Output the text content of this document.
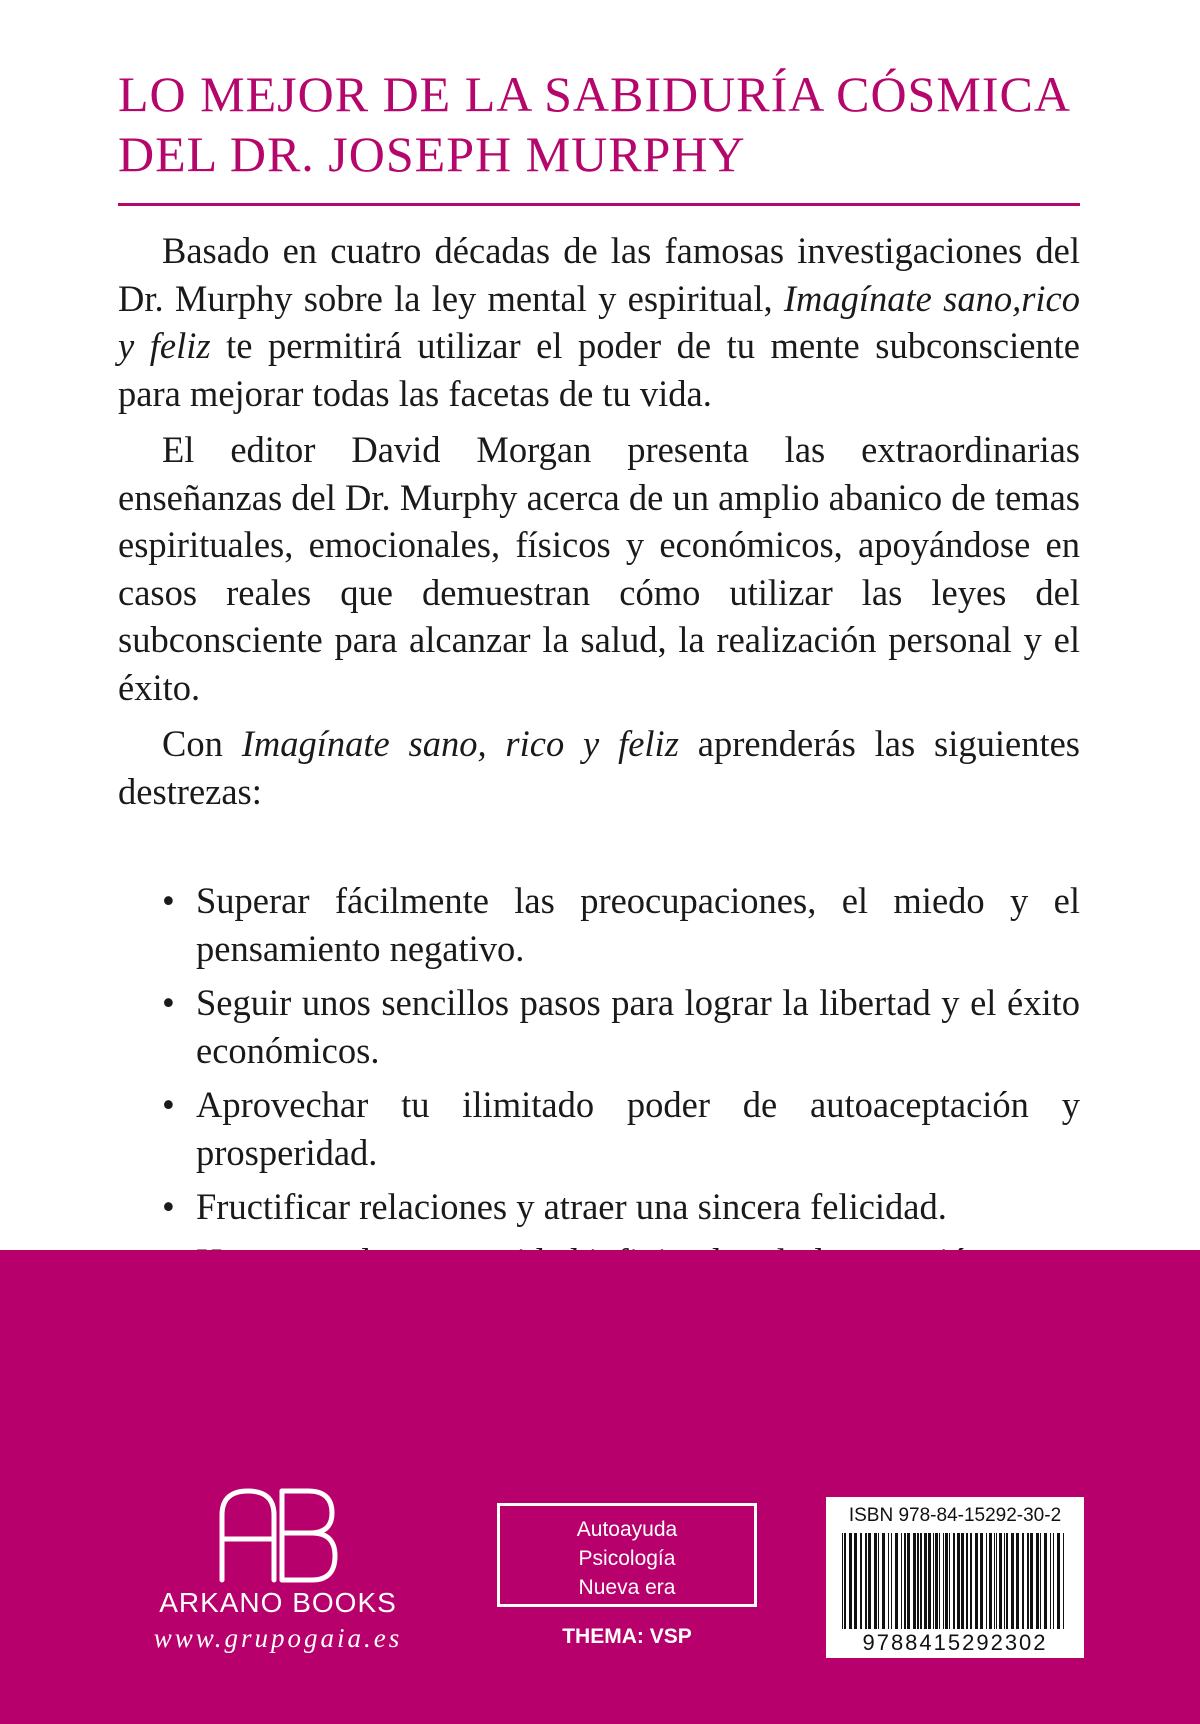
LO MEJOR DE LA SABIDURÍA CÓSMICA
DEL DR. JOSEPH MURPHY

Basado en cuatro décadas de las famosas investigaciones del Dr. Murphy sobre la ley mental y espiritual, Imagínate sano,rico y feliz te permitirá utilizar el poder de tu mente subconsciente para mejorar todas las facetas de tu vida.

El editor David Morgan presenta las extraordinarias enseñanzas del Dr. Murphy acerca de un amplio abanico de temas espirituales, emocionales, físicos y económicos, apoyándose en casos reales que demuestran cómo utilizar las leyes del subconsciente para alcanzar la salud, la realización personal y el éxito.

Con Imagínate sano, rico y feliz aprenderás las siguientes destrezas:

• Superar fácilmente las preocupaciones, el miedo y el pensamiento negativo.
• Seguir unos sencillos pasos para lograr la libertad y el éxito económicos.
• Aprovechar tu ilimitado poder de autoaceptación y prosperidad.
• Fructificar relaciones y atraer una sincera felicidad.
ARKANO BOOKS
www.grupogaia.es
Autoayuda
Psicología
Nueva era
THEMA: VSP
ISBN 978-84-15292-30-2
9788415292302
